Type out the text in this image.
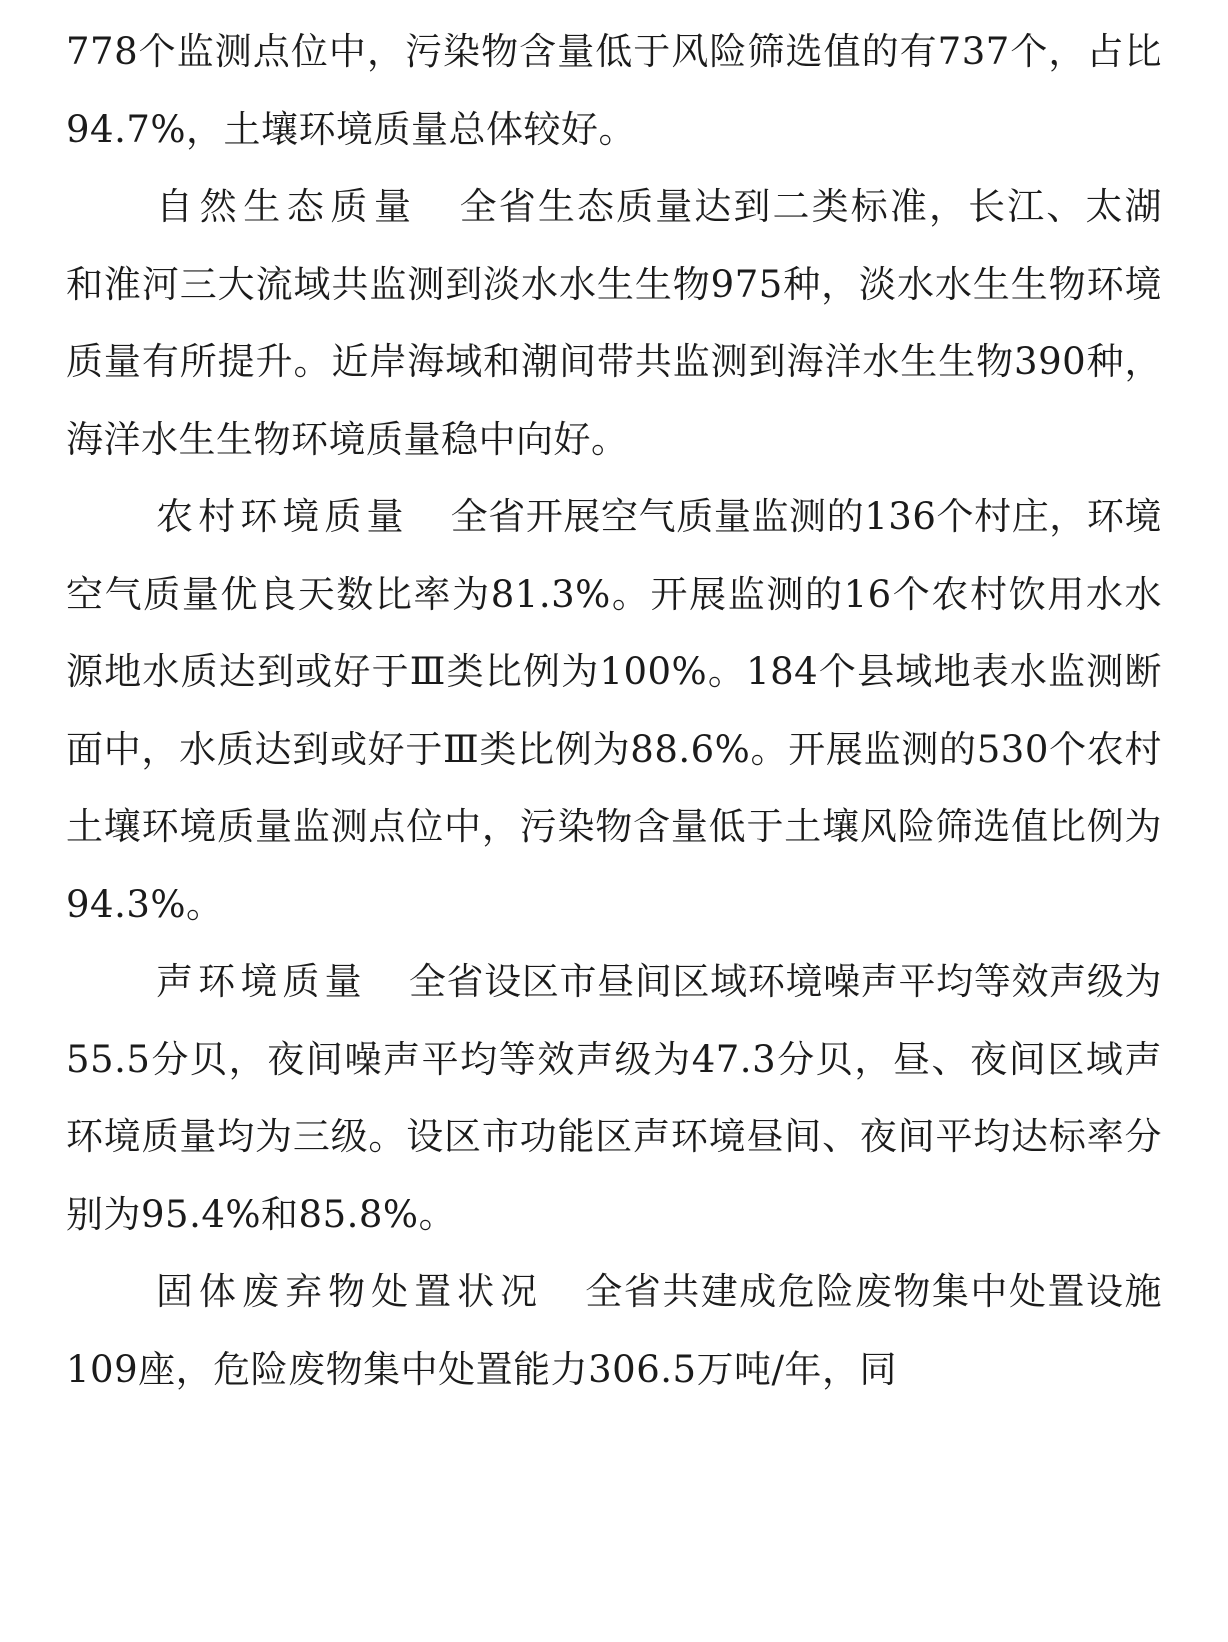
778个监测点位中，污染物含量低于风险筛选值的有737个，占比94.7%，土壤环境质量总体较好。

自然生态质量 全省生态质量达到二类标准，长江、太湖和淮河三大流域共监测到淡水水生生物975种，淡水水生生物环境质量有所提升。近岸海域和潮间带共监测到海洋水生生物390种，海洋水生生物环境质量稳中向好。

农村环境质量 全省开展空气质量监测的136个村庄，环境空气质量优良天数比率为81.3%。开展监测的16个农村饮用水水源地水质达到或好于Ⅲ类比例为100%。184个县域地表水监测断面中，水质达到或好于Ⅲ类比例为88.6%。开展监测的530个农村土壤环境质量监测点位中，污染物含量低于土壤风险筛选值比例为94.3%。

声环境质量 全省设区市昼间区域环境噪声平均等效声级为55.5分贝，夜间噪声平均等效声级为47.3分贝，昼、夜间区域声环境质量均为三级。设区市功能区声环境昼间、夜间平均达标率分别为95.4%和85.8%。

固体废弃物处置状况 全省共建成危险废物集中处置设施109座，危险废物集中处置能力306.5万吨/年，同
